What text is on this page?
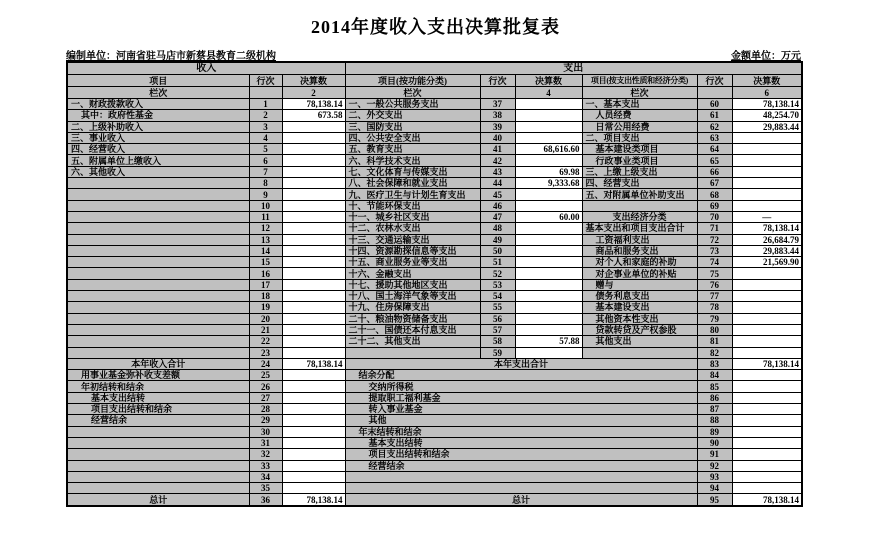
2014年度收入支出决算批复表
编制单位：河南省驻马店市新蔡县教育二级机构	金额单位：万元
收入			支出					
项目	行次	决算数	项目(按功能分类)	行次	决算数	项目(按支出性质和经济分类)	行次	决算数
栏次		2	栏次		4	栏次		6
一、财政拨款收入	1	78,138.14	一、一般公共服务支出	37		一、基本支出	60	78,138.14
其中：政府性基金	2	673.58	二、外交支出	38		人员经费	61	48,254.70
二、上级补助收入	3		三、国防支出	39		日常公用经费	62	29,883.44
三、事业收入	4		四、公共安全支出	40		二、项目支出	63	
四、经营收入	5		五、教育支出	41	68,616.60	基本建设类项目	64	
五、附属单位上缴收入	6		六、科学技术支出	42		行政事业类项目	65	
六、其他收入	7		七、文化体育与传媒支出	43	69.98	三、上缴上级支出	66	
	8		八、社会保障和就业支出	44	9,333.68	四、经营支出	67	
	9		九、医疗卫生与计划生育支出	45		五、对附属单位补助支出	68	
	10		十、节能环保支出	46			69	
	11		十一、城乡社区支出	47	60.00	支出经济分类	70	—
	12		十二、农林水支出	48		基本支出和项目支出合计	71	78,138.14
	13		十三、交通运输支出	49		工资福利支出	72	26,684.79
	14		十四、资源勘探信息等支出	50		商品和服务支出	73	29,883.44
	15		十五、商业服务业等支出	51		对个人和家庭的补助	74	21,569.90
	16		十六、金融支出	52		对企事业单位的补贴	75	
	17		十七、援助其他地区支出	53		赠与	76	
	18		十八、国土海洋气象等支出	54		债务利息支出	77	
	19		十九、住房保障支出	55		基本建设支出	78	
	20		二十、粮油物资储备支出	56		其他资本性支出	79	
	21		二十一、国债还本付息支出	57		贷款转贷及产权参股	80	
	22		二十二、其他支出	58	57.88	其他支出	81	
	23			59			82	
本年收入合计	24	78,138.14	本年支出合计				83	78,138.14
用事业基金弥补收支差额	25		结余分配				84	
年初结转和结余	26		交纳所得税				85	
基本支出结转	27		提取职工福利基金				86	
项目支出结转和结余	28		转入事业基金				87	
经营结余	29		其他				88	
	30		年末结转和结余				89	
	31		基本支出结转				90	
	32		项目支出结转和结余				91	
	33		经营结余				92	
	34						93	
	35						94	
总计	36	78,138.14	总计				95	78,138.14
